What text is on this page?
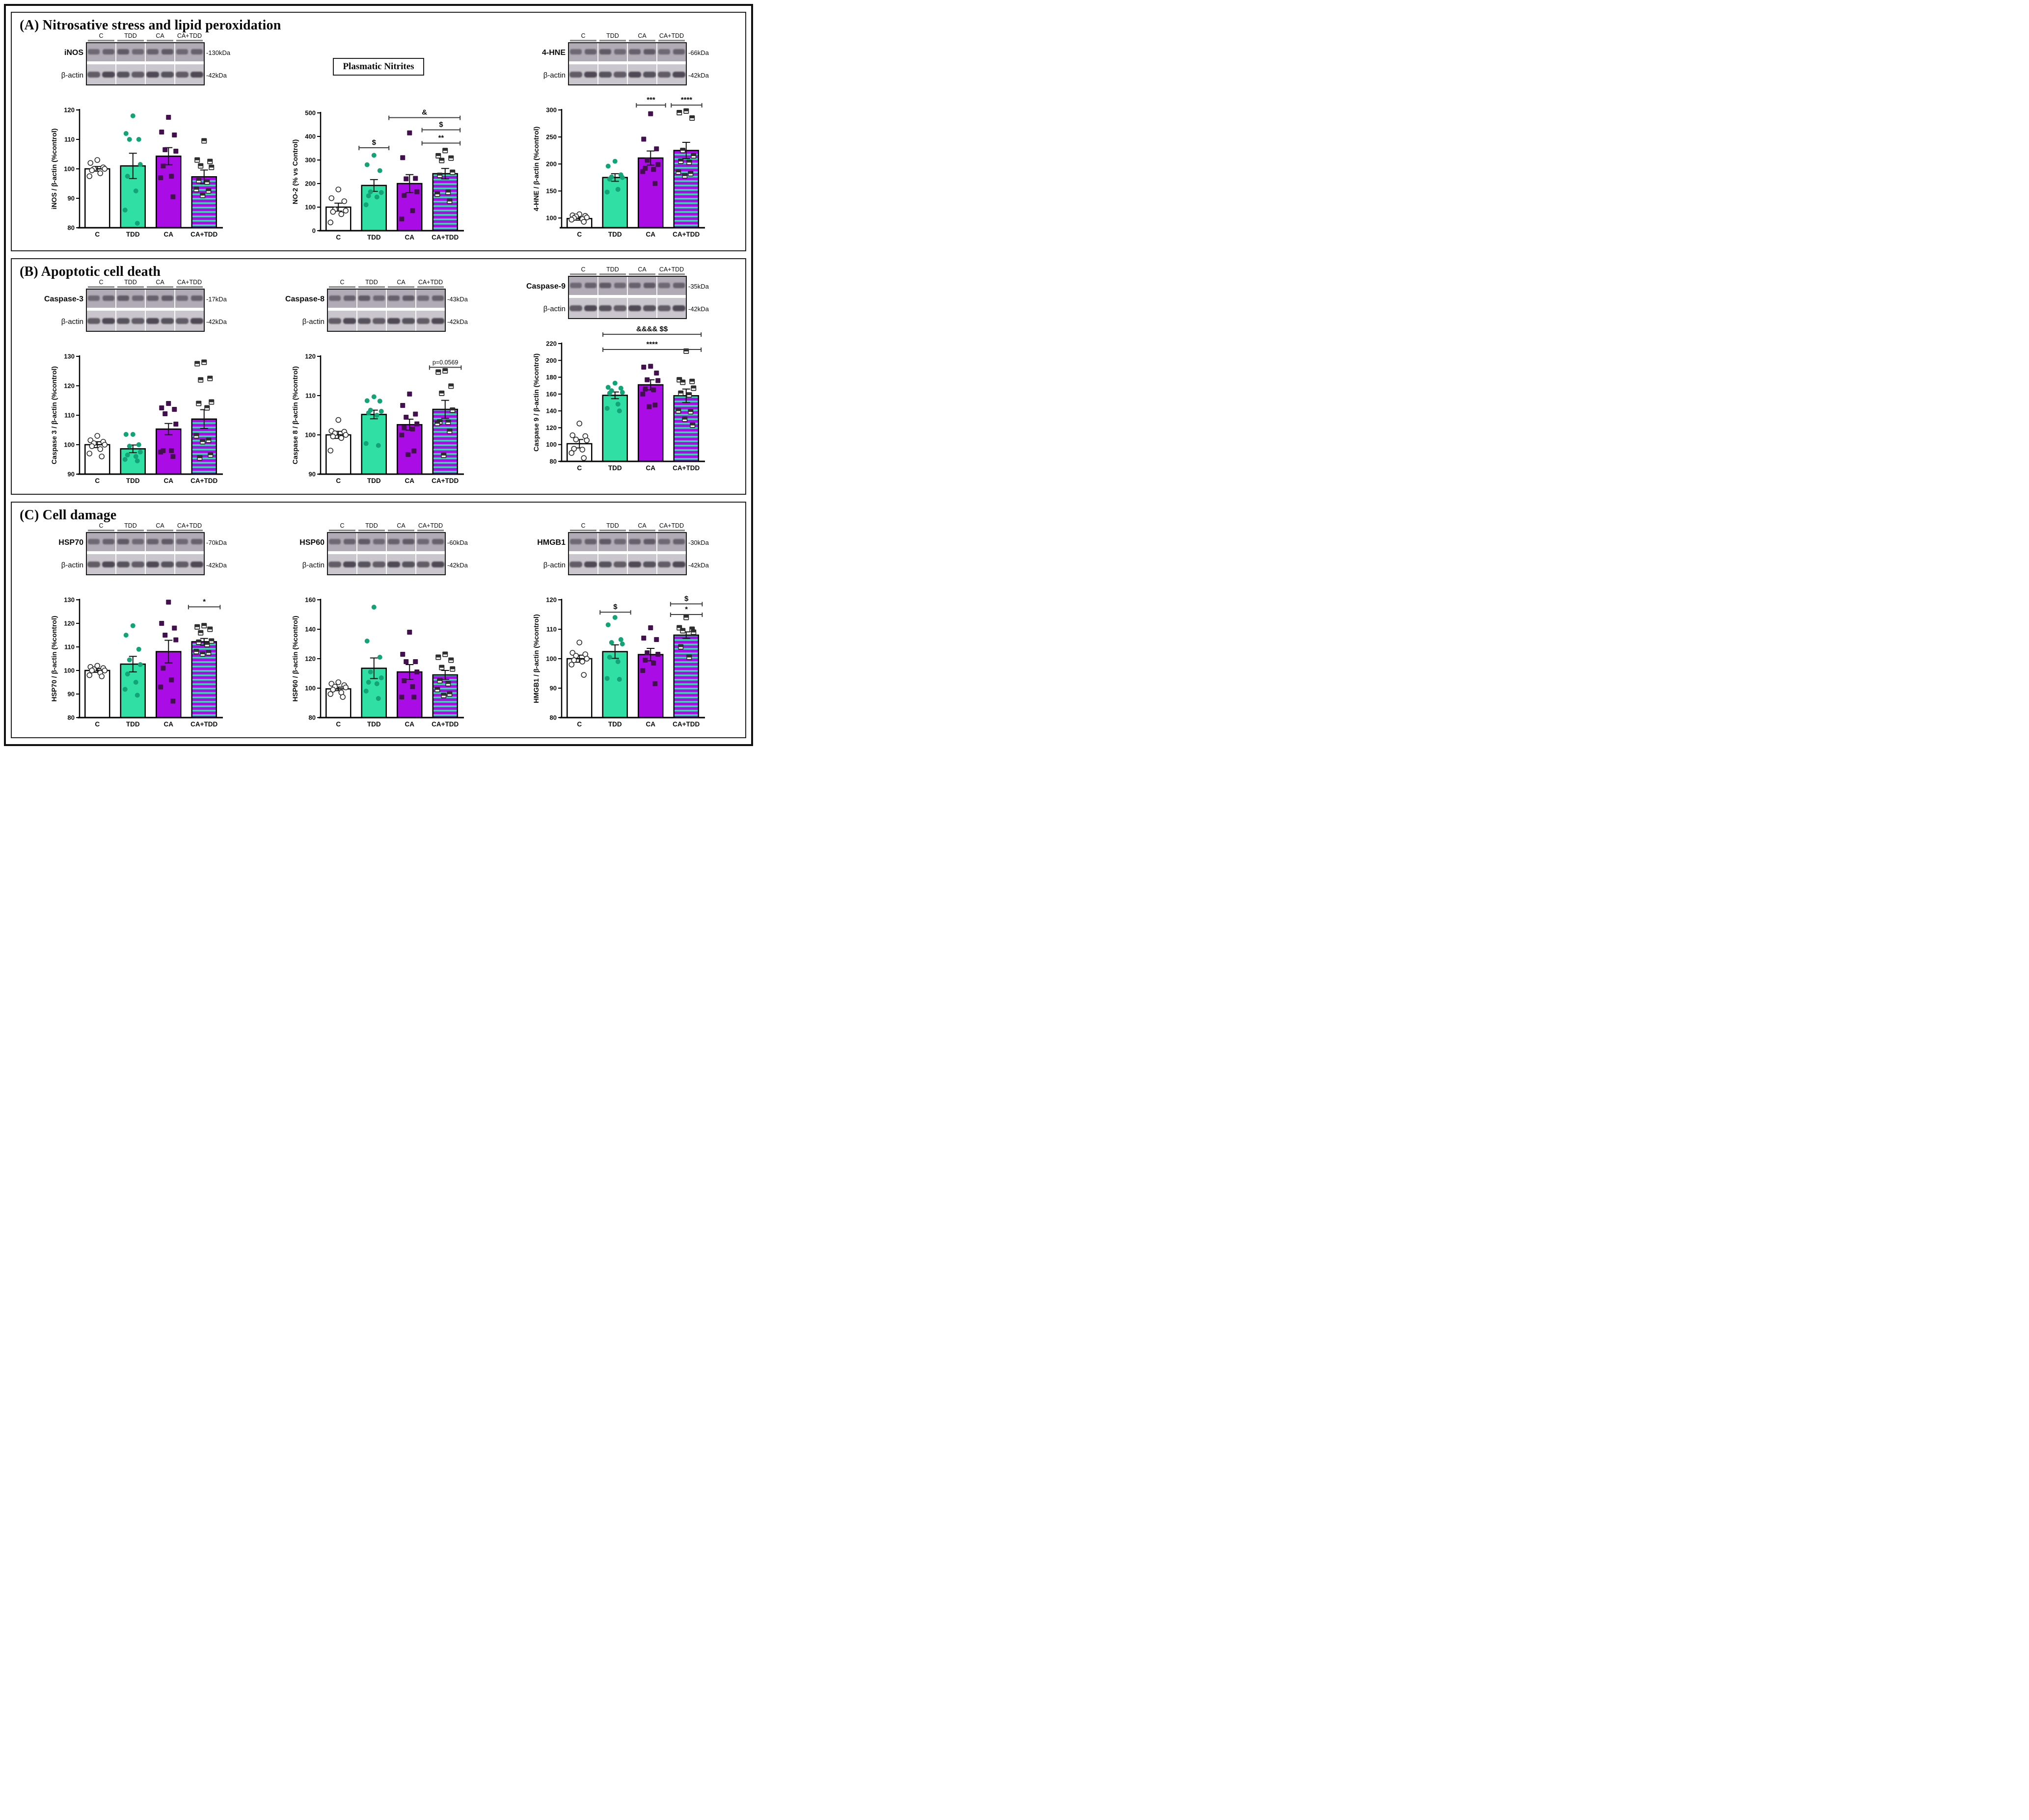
(A) Nitrosative stress and lipid peroxidation
C	TDD	CA CA+TDD
iNOS
β-actin
-130kDa
-42kDa
80
90
100
110
120
iNOS / β-actin (%control)
C	TDD	CA	CA+TDD
Plasmatic Nitrites
0
100
200
300
400
500
NO-2 (% vs Control)
C	TDD	CA	CA+TDD
$
&
$
**
C	TDD	CA CA+TDD
4-HNE
β-actin
-66kDa
-42kDa
100
150
200
250
300
4-HNE / β-actin (%control)
C	TDD	CA	CA+TDD
***	****
(B) Apoptotic cell death
C	TDD	CA CA+TDD
Caspase-3
β-actin
-17kDa
-42kDa
90
100
110
120
130
Caspase 3 / β-actin (%control)
C	TDD	CA	CA+TDD
C	TDD	CA CA+TDD
Caspase-8
β-actin
-43kDa
-42kDa
90
100
110
120
Caspase 8 / β-actin (%control)
C	TDD	CA	CA+TDD
p=0.0569
C	TDD	CA CA+TDD
Caspase-9
β-actin
-35kDa
-42kDa
80
100
120
140
160
180
200
220
Caspase 9 / β-actin (%control)
C	TDD	CA	CA+TDD
&&&& $$
****
(C) Cell damage
C	TDD	CA CA+TDD
HSP70
β-actin
-70kDa
-42kDa
80
90
100
110
120
130
HSP70 / β-actin (%control)
C	TDD	CA	CA+TDD
*
C	TDD	CA CA+TDD
HSP60
β-actin
-60kDa
-42kDa
80
100
120
140
160
HSP60 / β-actin (%control)
C	TDD	CA	CA+TDD
C	TDD	CA CA+TDD
HMGB1
β-actin
-30kDa
-42kDa
80
90
100
110
120
HMGB1 / β-actin (%control)
C	TDD	CA	CA+TDD
$
$
*
